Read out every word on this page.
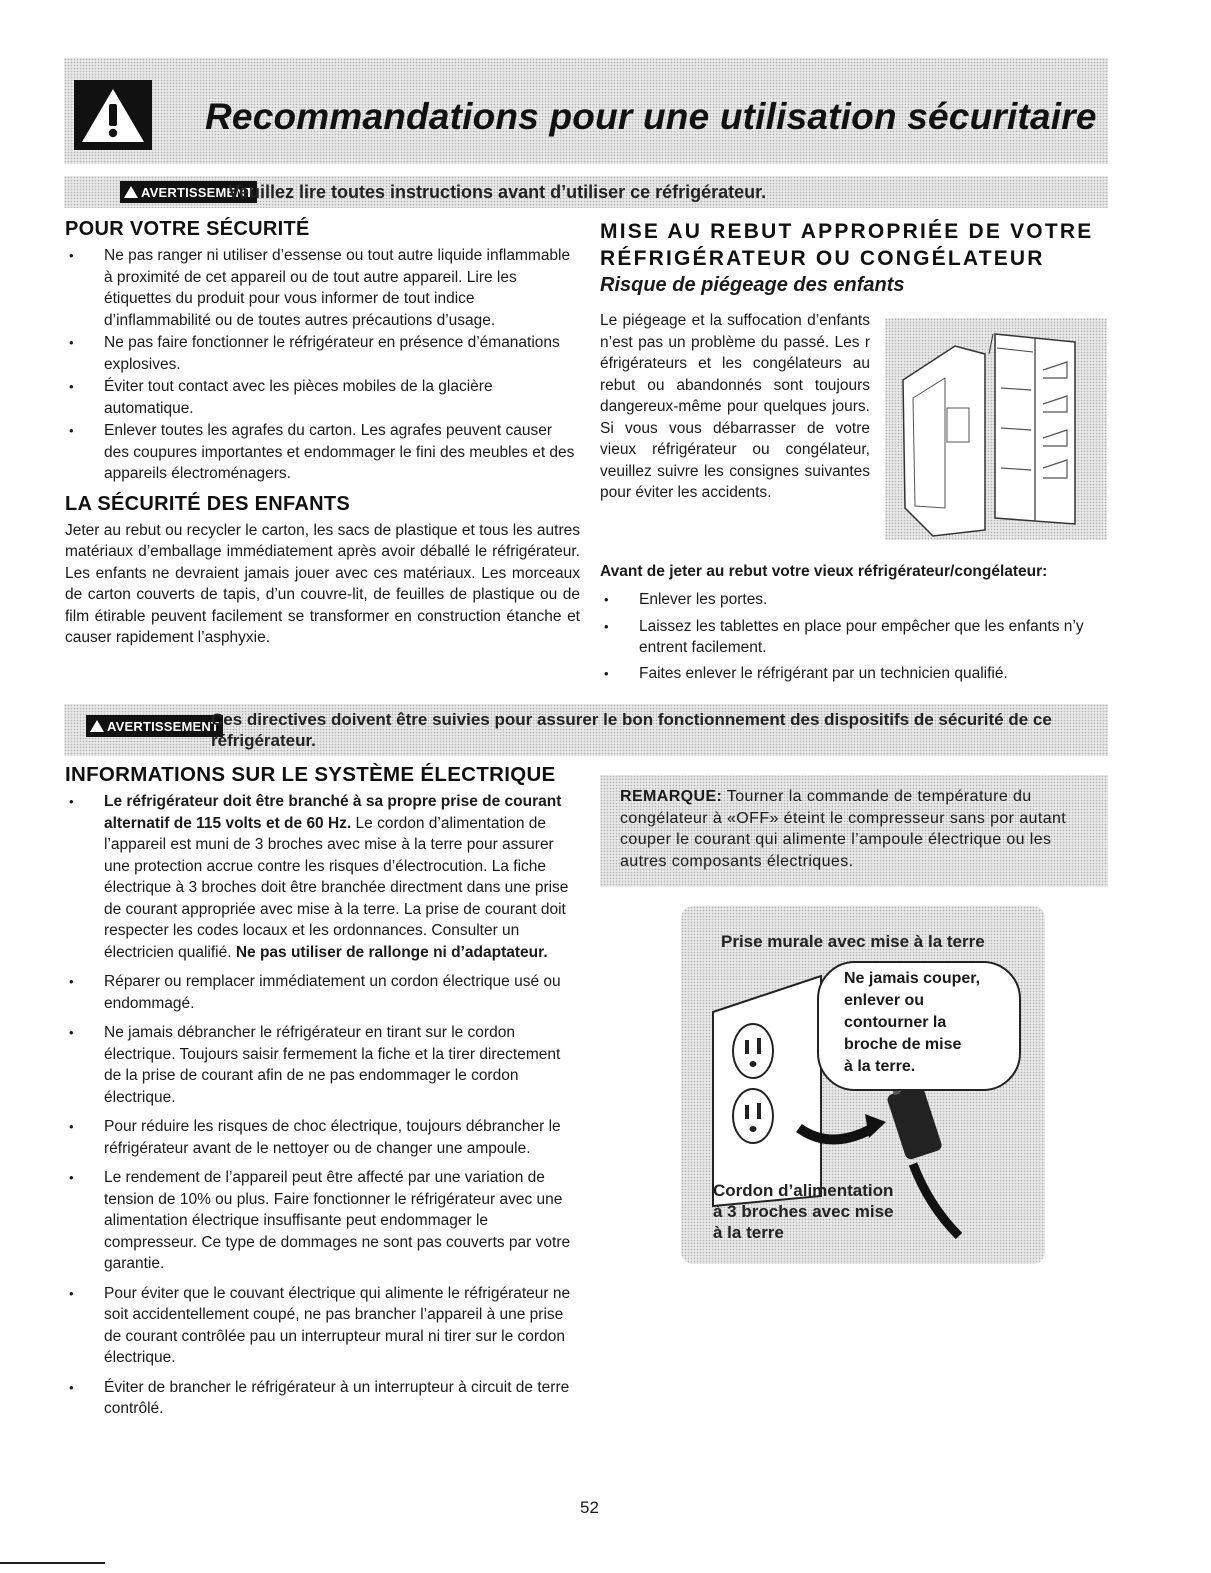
Recommandations pour une utilisation sécuritaire
AVERTISSEMENT
Veuillez lire toutes instructions avant d’utiliser ce réfrigérateur.
POUR VOTRE SÉCURITÉ
• Ne pas ranger ni utiliser d’essense ou tout autre liquide inflammable à proximité de cet appareil ou de tout autre appareil. Lire les étiquettes du produit pour vous informer de tout indice d’inflammabilité ou de toutes autres précautions d’usage.
• Ne pas faire fonctionner le réfrigérateur en présence d’émanations explosives.
• Éviter tout contact avec les pièces mobiles de la glacière automatique.
• Enlever toutes les agrafes du carton. Les agrafes peuvent causer des coupures importantes et endommager le fini des meubles et des appareils électroménagers.
LA SÉCURITÉ DES ENFANTS

Jeter au rebut ou recycler le carton, les sacs de plastique et tous les autres matériaux d’emballage immédiatement après avoir déballé le réfrigérateur. Les enfants ne devraient jamais jouer avec ces matériaux. Les morceaux de carton couverts de tapis, d’un couvre-lit, de feuilles de plastique ou de film étirable peuvent facilement se transformer en construction étanche et causer rapidement l’asphyxie.

MISE AU REBUT APPROPRIÉE DE VOTRE RÉFRIGÉRATEUR OU CONGÉLATEUR
Risque de piégeage des enfants

Le piégeage et la suffocation d’enfants n’est pas un problème du passé. Les r éfrigérateurs et les congélateurs au rebut ou abandonnés sont toujours dangereux-même pour quelques jours. Si vous vous débarrasser de votre vieux réfrigérateur ou congélateur, veuillez suivre les consignes suivantes pour éviter les accidents.

Avant de jeter au rebut votre vieux réfrigérateur/congélateur:
• Enlever les portes.
• Laissez les tablettes en place pour empêcher que les enfants n’y entrent facilement.
• Faites enlever le réfrigérant par un technicien qualifié.
AVERTISSEMENT
Ces directives doivent être suivies pour assurer le bon fonctionnement des dispositifs de sécurité de ce
réfrigérateur.
INFORMATIONS SUR LE SYSTÈME ÉLECTRIQUE
• Le réfrigérateur doit être branché à sa propre prise de courant alternatif de 115 volts et de 60 Hz. Le cordon d’alimentation de l’appareil est muni de 3 broches avec mise à la terre pour assurer une protection accrue contre les risques d’électrocution. La fiche électrique à 3 broches doit être branchée directment dans une prise de courant appropriée avec mise à la terre. La prise de courant doit respecter les codes locaux et les ordonnances. Consulter un électricien qualifié. Ne pas utiliser de rallonge ni d’adaptateur.
• Réparer ou remplacer immédiatement un cordon électrique usé ou endommagé.
• Ne jamais débrancher le réfrigérateur en tirant sur le cordon électrique. Toujours saisir fermement la fiche et la tirer directement de la prise de courant afin de ne pas endommager le cordon électrique.
• Pour réduire les risques de choc électrique, toujours débrancher le réfrigérateur avant de le nettoyer ou de changer une ampoule.
• Le rendement de l’appareil peut être affecté par une variation de tension de 10% ou plus. Faire fonctionner le réfrigérateur avec une alimentation électrique insuffisante peut endommager le compresseur. Ce type de dommages ne sont pas couverts par votre garantie.
• Pour éviter que le couvant électrique qui alimente le réfrigérateur ne soit accidentellement coupé, ne pas brancher l’appareil à une prise de courant contrôlée pau un interrupteur mural ni tirer sur le cordon électrique.
• Éviter de brancher le réfrigérateur à un interrupteur à circuit de terre contrôlé.

REMARQUE: Tourner la commande de température du congélateur à «OFF» éteint le compresseur sans por autant couper le courant qui alimente l’ampoule électrique ou les autres composants électriques.

Prise murale avec mise à la terre
Ne jamais couper,
enlever ou
contourner la
broche de mise
à la terre.
Cordon d’alimentation
à 3 broches avec mise
à la terre
52
